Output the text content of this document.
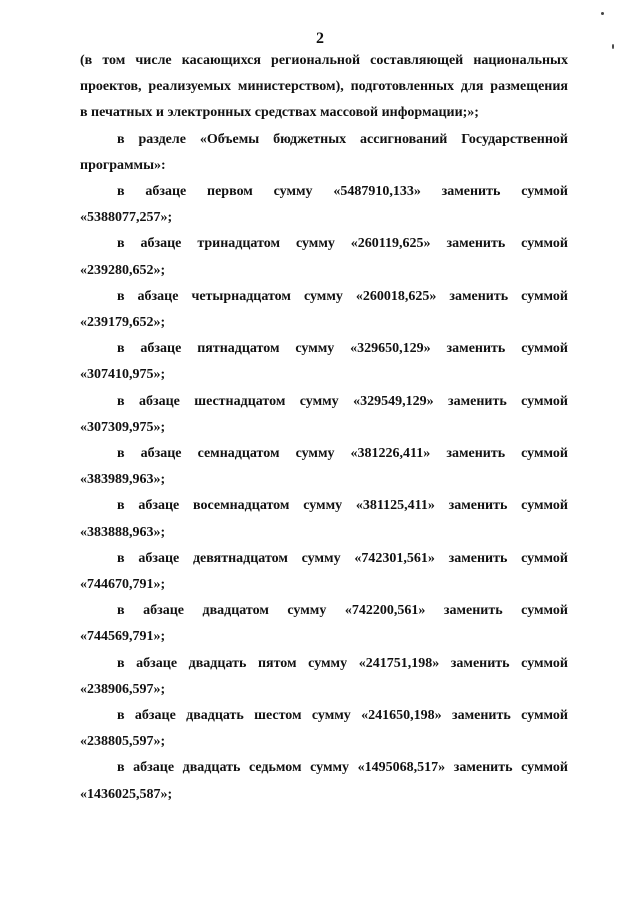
2

(в том числе касающихся региональной составляющей национальных

проектов, реализуемых министерством), подготовленных для размещения

в печатных и электронных средствах массовой информации;»;

в разделе «Объемы бюджетных ассигнований Государственной

программы»:

в абзаце первом сумму «5487910,133» заменить суммой
«5388077,257»;
в абзаце тринадцатом сумму «260119,625» заменить суммой
«239280,652»;
в абзаце четырнадцатом сумму «260018,625» заменить суммой
«239179,652»;
в абзаце пятнадцатом сумму «329650,129» заменить суммой
«307410,975»;
в абзаце шестнадцатом сумму «329549,129» заменить суммой
«307309,975»;
в абзаце семнадцатом сумму «381226,411» заменить суммой
«383989,963»;
в абзаце восемнадцатом сумму «381125,411» заменить суммой
«383888,963»;
в абзаце девятнадцатом сумму «742301,561» заменить суммой
«744670,791»;
в абзаце двадцатом сумму «742200,561» заменить суммой
«744569,791»;
в абзаце двадцать пятом сумму «241751,198» заменить суммой
«238906,597»;
в абзаце двадцать шестом сумму «241650,198» заменить суммой
«238805,597»;
в абзаце двадцать седьмом сумму «1495068,517» заменить суммой
«1436025,587»;
